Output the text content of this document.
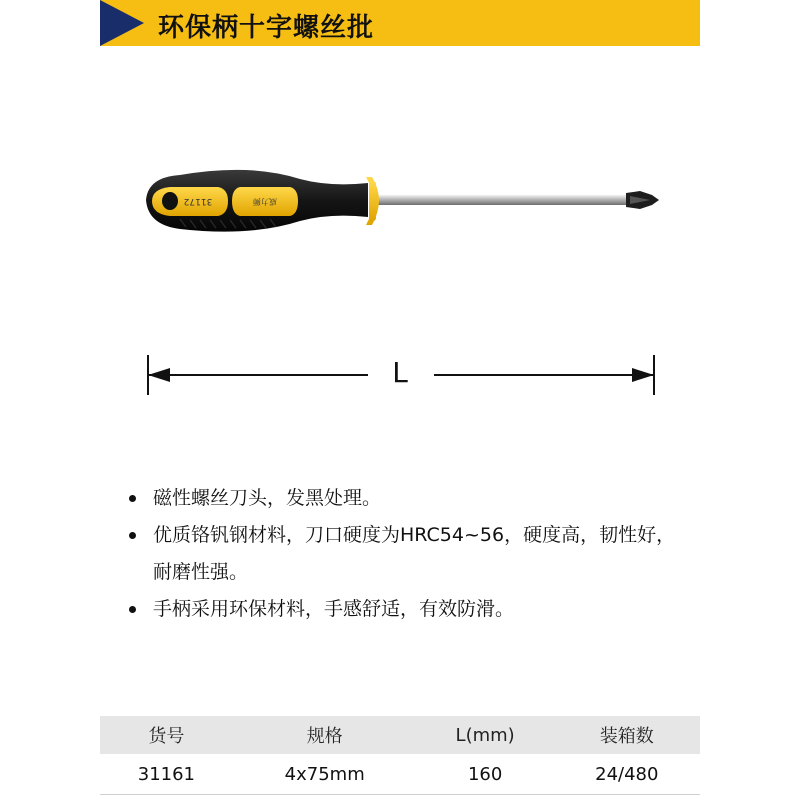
环保柄十字螺丝批
31172	威力狮
L
磁性螺丝刀头，发黑处理。
优质铬钒钢材料，刀口硬度为HRC54~56，硬度高，韧性好，耐磨性强。
手柄采用环保材料，手感舒适，有效防滑。
货号	规格	L(mm)	装箱数
31161	4x75mm	160	24/480
